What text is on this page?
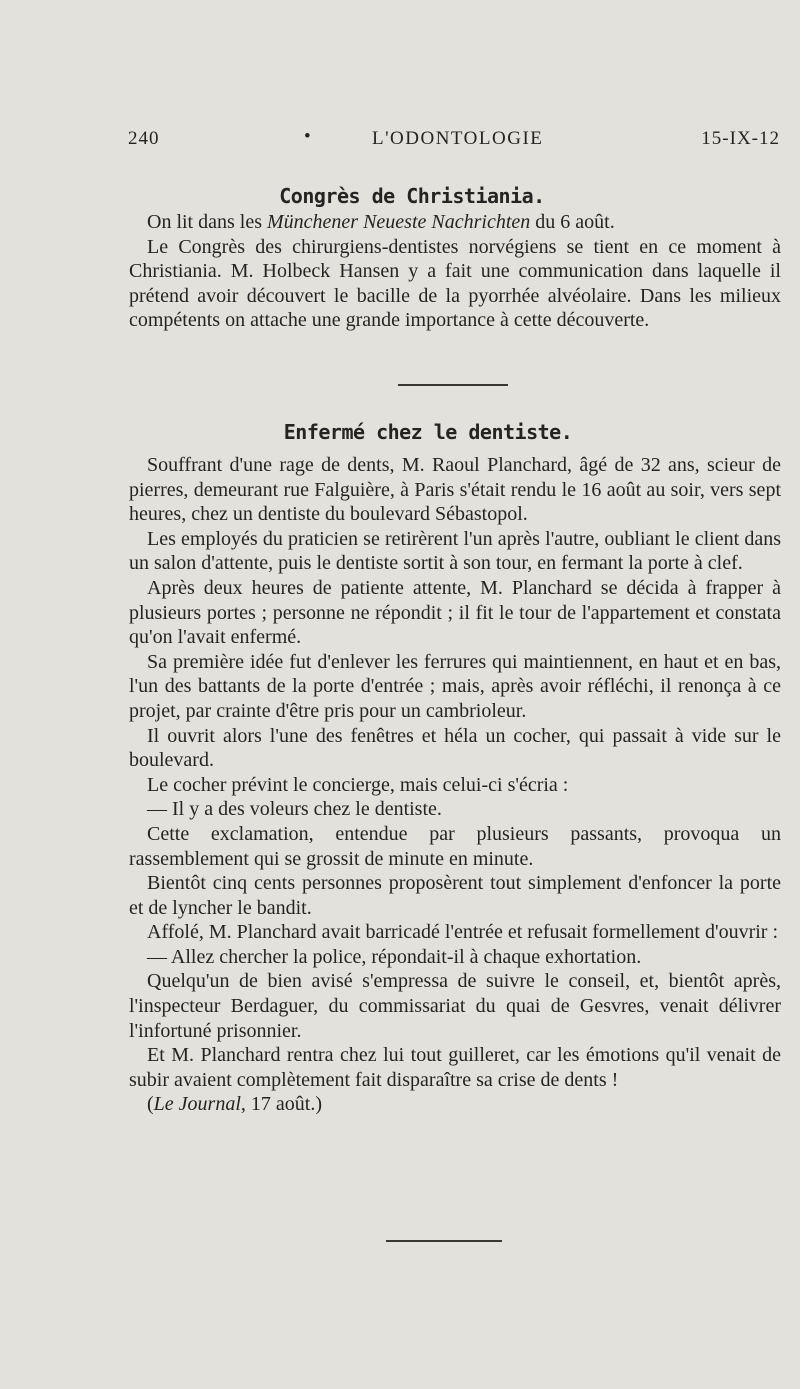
240	•	L'ODONTOLOGIE	15-IX-12
Congrès de Christiania.

On lit dans les Münchener Neueste Nachrichten du 6 août.

Le Congrès des chirurgiens-dentistes norvégiens se tient en ce moment à Christiania. M. Holbeck Hansen y a fait une communication dans laquelle il prétend avoir découvert le bacille de la pyorrhée alvéolaire. Dans les milieux compétents on attache une grande importance à cette découverte.

Enfermé chez le dentiste.

Souffrant d'une rage de dents, M. Raoul Planchard, âgé de 32 ans, scieur de pierres, demeurant rue Falguière, à Paris s'était rendu le 16 août au soir, vers sept heures, chez un dentiste du boulevard Sébastopol.

Les employés du praticien se retirèrent l'un après l'autre, oubliant le client dans un salon d'attente, puis le dentiste sortit à son tour, en fermant la porte à clef.

Après deux heures de patiente attente, M. Planchard se décida à frapper à plusieurs portes ; personne ne répondit ; il fit le tour de l'appartement et constata qu'on l'avait enfermé.

Sa première idée fut d'enlever les ferrures qui maintiennent, en haut et en bas, l'un des battants de la porte d'entrée ; mais, après avoir réfléchi, il renonça à ce projet, par crainte d'être pris pour un cambrioleur.

Il ouvrit alors l'une des fenêtres et héla un cocher, qui passait à vide sur le boulevard.

Le cocher prévint le concierge, mais celui-ci s'écria :

— Il y a des voleurs chez le dentiste.

Cette exclamation, entendue par plusieurs passants, provoqua un rassemblement qui se grossit de minute en minute.

Bientôt cinq cents personnes proposèrent tout simplement d'enfoncer la porte et de lyncher le bandit.

Affolé, M. Planchard avait barricadé l'entrée et refusait formellement d'ouvrir :

— Allez chercher la police, répondait-il à chaque exhortation.

Quelqu'un de bien avisé s'empressa de suivre le conseil, et, bientôt après, l'inspecteur Berdaguer, du commissariat du quai de Gesvres, venait délivrer l'infortuné prisonnier.

Et M. Planchard rentra chez lui tout guilleret, car les émotions qu'il venait de subir avaient complètement fait disparaître sa crise de dents !

(Le Journal, 17 août.)
